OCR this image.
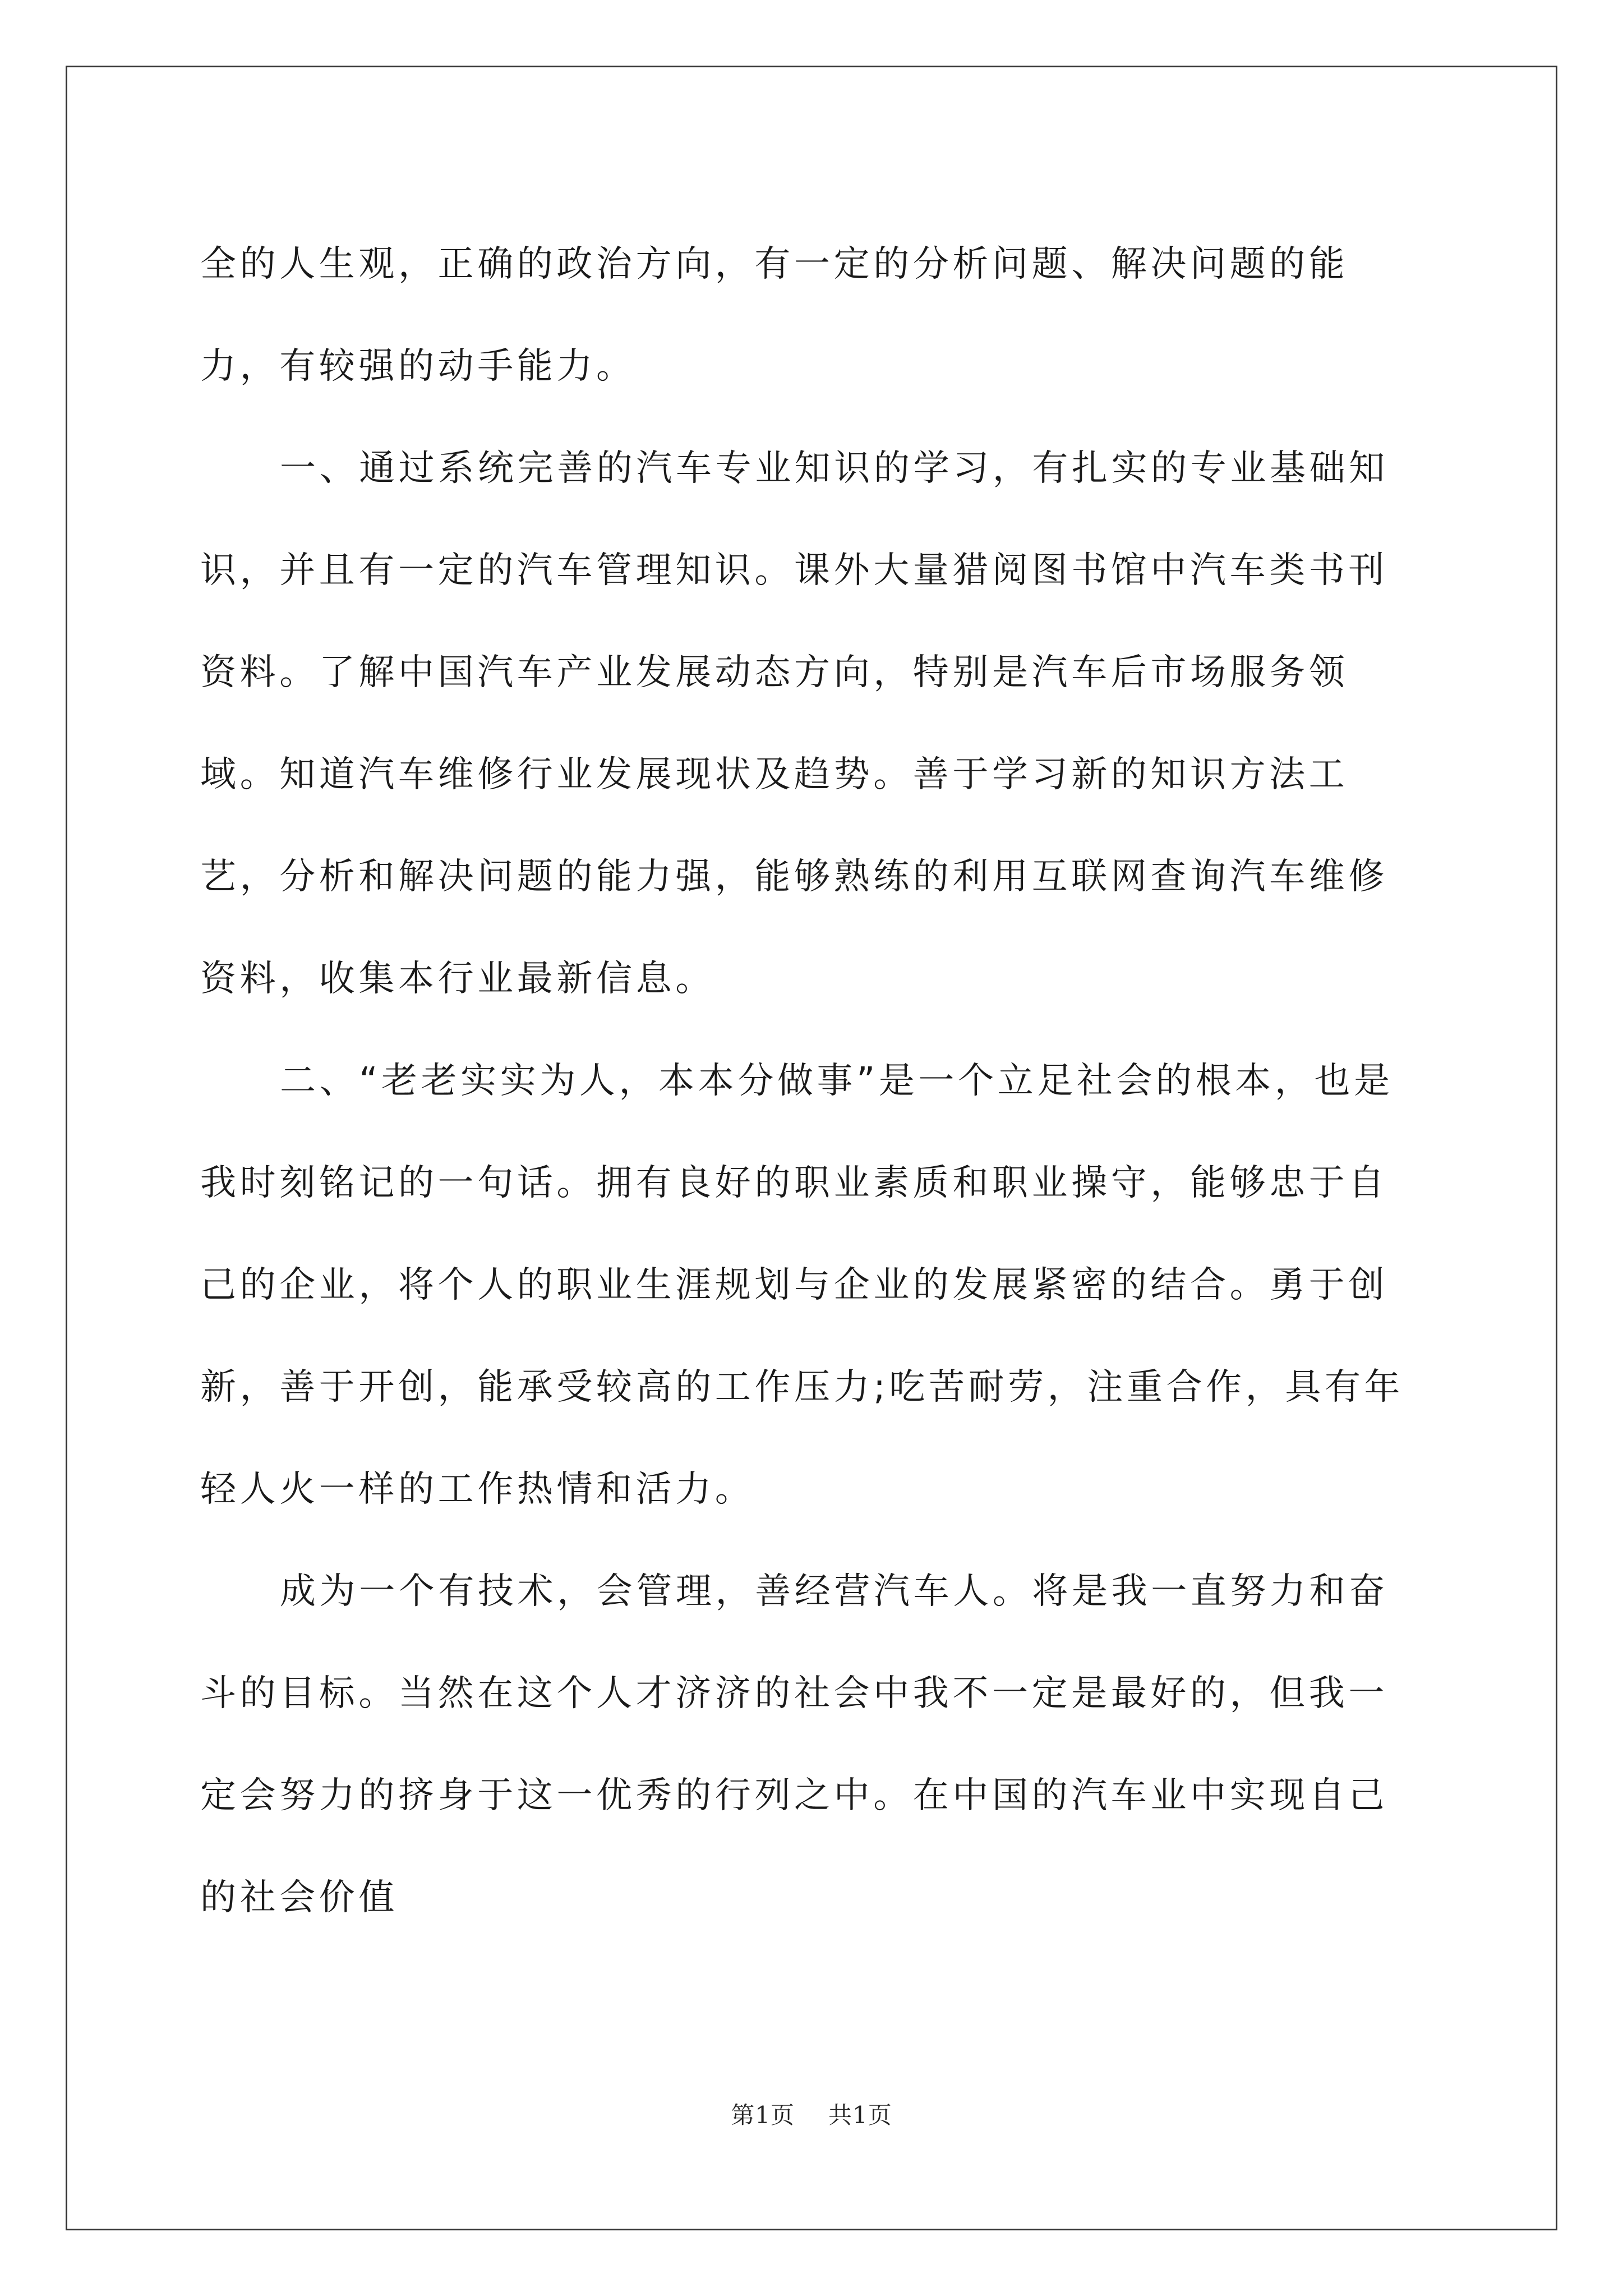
全的人生观，正确的政治方向，有一定的分析问题、解决问题的能力，有较强的动手能力。

一、通过系统完善的汽车专业知识的学习，有扎实的专业基础知识，并且有一定的汽车管理知识。课外大量猎阅图书馆中汽车类书刊资料。了解中国汽车产业发展动态方向，特别是汽车后市场服务领域。知道汽车维修行业发展现状及趋势。善于学习新的知识方法工艺，分析和解决问题的能力强，能够熟练的利用互联网查询汽车维修资料，收集本行业最新信息。

二、“老老实实为人，本本分做事”是一个立足社会的根本，也是我时刻铭记的一句话。拥有良好的职业素质和职业操守，能够忠于自己的企业，将个人的职业生涯规划与企业的发展紧密的结合。勇于创新，善于开创，能承受较高的工作压力;吃苦耐劳，注重合作，具有年轻人火一样的工作热情和活力。

成为一个有技术，会管理，善经营汽车人。将是我一直努力和奋斗的目标。当然在这个人才济济的社会中我不一定是最好的，但我一定会努力的挤身于这一优秀的行列之中。在中国的汽车业中实现自己的社会价值

第1页 共1页
